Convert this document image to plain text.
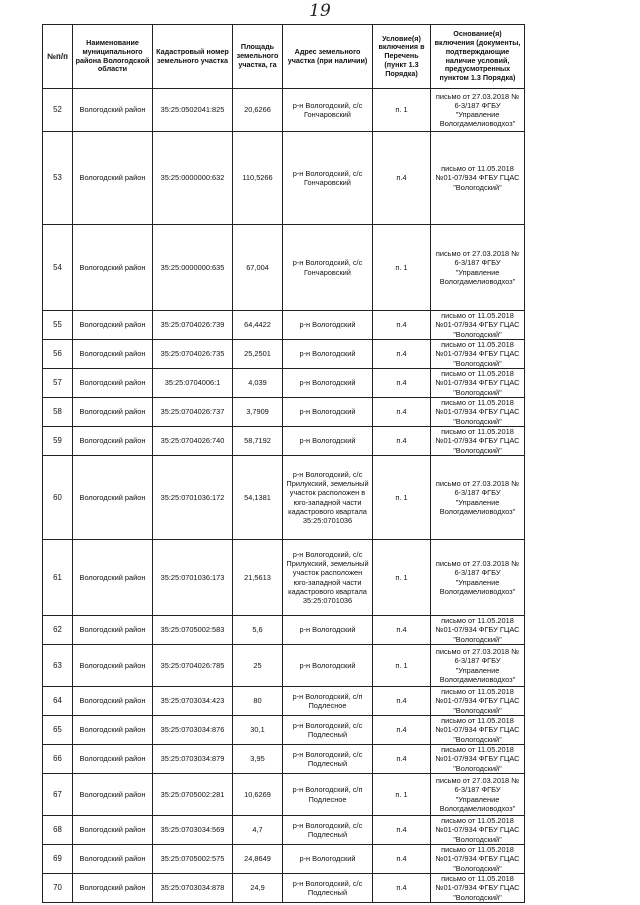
19
№п/п	Наименование муниципального района Вологодской области	Кадастровый номер земельного участка	Площадь земельного участка, га	Адрес земельного участка (при наличии)	Условие(я) включения в Перечень (пункт 1.3 Порядка)	Основание(я) включения (документы, подтверждающие наличие условий, предусмотренных пунктом 1.3 Порядка)
52	Вологодский район	35:25:0502041:825	20,6266	р-н Вологодский, с/с Гончаровский	п. 1	письмо от 27.03.2018 № 6-3/187 ФГБУ "Управление Вологдамелиоводхоз"
53	Вологодский район	35:25:0000000:632	110,5266	р-н Вологодский, с/с Гончаровский	п.4	письмо от 11.05.2018 №01-07/934 ФГБУ ГЦАС "Вологодский"
54	Вологодский район	35:25:0000000:635	67,004	р-н Вологодский, с/с Гончаровский	п. 1	письмо от 27.03.2018 № 6-3/187 ФГБУ "Управление Вологдамелиоводхоз"
55	Вологодский район	35:25:0704026:739	64,4422	р-н Вологодский	п.4	письмо от 11.05.2018 №01-07/934 ФГБУ ГЦАС "Вологодский"
56	Вологодский район	35:25:0704026:735	25,2501	р-н Вологодский	п.4	письмо от 11.05.2018 №01-07/934 ФГБУ ГЦАС "Вологодский"
57	Вологодский район	35:25:0704006:1	4,039	р-н Вологодский	п.4	письмо от 11.05.2018 №01-07/934 ФГБУ ГЦАС "Вологодский"
58	Вологодский район	35:25:0704026:737	3,7909	р-н Вологодский	п.4	письмо от 11.05.2018 №01-07/934 ФГБУ ГЦАС "Вологодский"
59	Вологодский район	35:25:0704026:740	58,7192	р-н Вологодский	п.4	письмо от 11.05.2018 №01-07/934 ФГБУ ГЦАС "Вологодский"
60	Вологодский район	35:25:0701036:172	54,1381	р-н Вологодский, с/с Прилукский, земельный участок расположен в юго-западной части кадастрового квартала 35:25:0701036	п. 1	письмо от 27.03.2018 № 6-3/187 ФГБУ "Управление Вологдамелиоводхоз"
61	Вологодский район	35:25:0701036:173	21,5613	р-н Вологодский, с/с Прилукский, земельный участок расположен юго-западной части кадастрового квартала 35:25:0701036	п. 1	письмо от 27.03.2018 № 6-3/187 ФГБУ "Управление Вологдамелиоводхоз"
62	Вологодский район	35:25:0705002:583	5,6	р-н Вологодский	п.4	письмо от 11.05.2018 №01-07/934 ФГБУ ГЦАС "Вологодский"
63	Вологодский район	35:25:0704026:785	25	р-н Вологодский	п. 1	письмо от 27.03.2018 № 6-3/187 ФГБУ "Управление Вологдамелиоводхоз"
64	Вологодский район	35:25:0703034:423	80	р-н Вологодский, с/п Подлесное	п.4	письмо от 11.05.2018 №01-07/934 ФГБУ ГЦАС "Вологодский"
65	Вологодский район	35:25:0703034:876	30,1	р-н Вологодский, с/с Подлесный	п.4	письмо от 11.05.2018 №01-07/934 ФГБУ ГЦАС "Вологодский"
66	Вологодский район	35:25:0703034:879	3,95	р-н Вологодский, с/с Подлесный	п.4	письмо от 11.05.2018 №01-07/934 ФГБУ ГЦАС "Вологодский"
67	Вологодский район	35:25:0705002:281	10,6269	р-н Вологодский, с/п Подлесное	п. 1	письмо от 27.03.2018 № 6-3/187 ФГБУ "Управление Вологдамелиоводхоз"
68	Вологодский район	35:25:0703034:569	4,7	р-н Вологодский, с/с Подлесный	п.4	письмо от 11.05.2018 №01-07/934 ФГБУ ГЦАС "Вологодский"
69	Вологодский район	35:25:0705002:575	24,8649	р-н Вологодский	п.4	письмо от 11.05.2018 №01-07/934 ФГБУ ГЦАС "Вологодский"
70	Вологодский район	35:25:0703034:878	24,9	р-н Вологодский, с/с Подлесный	п.4	письмо от 11.05.2018 №01-07/934 ФГБУ ГЦАС "Вологодский"
